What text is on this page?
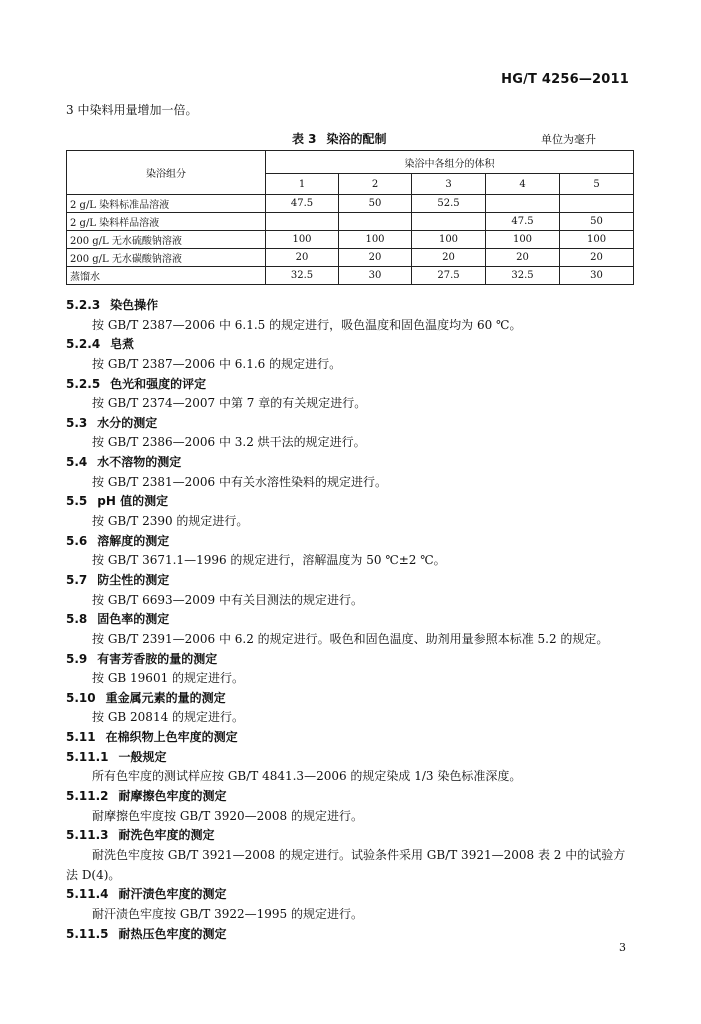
HG/T 4256—2011
3 中染料用量增加一倍。
表 3 染浴的配制	单位为毫升
染浴组分	染浴中各组分的体积				
	1	2	3	4	5
2 g/L 染料标准品溶液	47.5	50	52.5		
2 g/L 染料样品溶液				47.5	50
200 g/L 无水硫酸钠溶液	100	100	100	100	100
200 g/L 无水碳酸钠溶液	20	20	20	20	20
蒸馏水	32.5	30	27.5	32.5	30
5.2.3 染色操作
按 GB/T 2387—2006 中 6.1.5 的规定进行，吸色温度和固色温度均为 60 ℃。
5.2.4 皂煮
按 GB/T 2387—2006 中 6.1.6 的规定进行。
5.2.5 色光和强度的评定
按 GB/T 2374—2007 中第 7 章的有关规定进行。
5.3 水分的测定
按 GB/T 2386—2006 中 3.2 烘干法的规定进行。
5.4 水不溶物的测定
按 GB/T 2381—2006 中有关水溶性染料的规定进行。
5.5 pH 值的测定
按 GB/T 2390 的规定进行。
5.6 溶解度的测定
按 GB/T 3671.1—1996 的规定进行，溶解温度为 50 ℃±2 ℃。
5.7 防尘性的测定
按 GB/T 6693—2009 中有关目测法的规定进行。
5.8 固色率的测定
按 GB/T 2391—2006 中 6.2 的规定进行。吸色和固色温度、助剂用量参照本标准 5.2 的规定。
5.9 有害芳香胺的量的测定
按 GB 19601 的规定进行。
5.10 重金属元素的量的测定
按 GB 20814 的规定进行。
5.11 在棉织物上色牢度的测定
5.11.1 一般规定
所有色牢度的测试样应按 GB/T 4841.3—2006 的规定染成 1/3 染色标准深度。
5.11.2 耐摩擦色牢度的测定
耐摩擦色牢度按 GB/T 3920—2008 的规定进行。
5.11.3 耐洗色牢度的测定
耐洗色牢度按 GB/T 3921—2008 的规定进行。试验条件采用 GB/T 3921—2008 表 2 中的试验方
法 D(4)。
5.11.4 耐汗渍色牢度的测定
耐汗渍色牢度按 GB/T 3922—1995 的规定进行。
5.11.5 耐热压色牢度的测定
3
